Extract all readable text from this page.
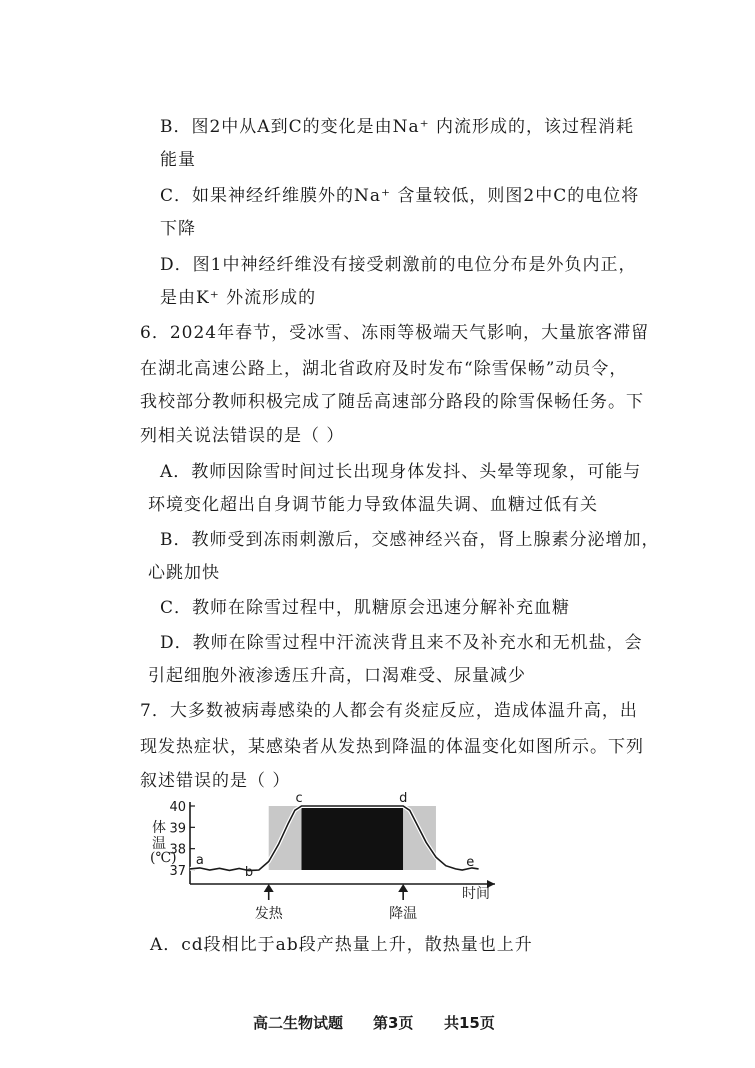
B．图2中从A到C的变化是由Na⁺ 内流形成的，该过程消耗
能量
C．如果神经纤维膜外的Na⁺ 含量较低，则图2中C的电位将
下降
D．图1中神经纤维没有接受刺激前的电位分布是外负内正，
是由K⁺ 外流形成的
6．2024年春节，受冰雪、冻雨等极端天气影响，大量旅客滞留
在湖北高速公路上，湖北省政府及时发布“除雪保畅”动员令，
我校部分教师积极完成了随岳高速部分路段的除雪保畅任务。下
列相关说法错误的是（ ）
A．教师因除雪时间过长出现身体发抖、头晕等现象，可能与
环境变化超出自身调节能力导致体温失调、血糖过低有关
B．教师受到冻雨刺激后，交感神经兴奋，肾上腺素分泌增加，
心跳加快
C．教师在除雪过程中，肌糖原会迅速分解补充血糖
D．教师在除雪过程中汗流浃背且来不及补充水和无机盐，会
引起细胞外液渗透压升高，口渴难受、尿量减少
7．大多数被病毒感染的人都会有炎症反应，造成体温升高，出
现发热症状，某感染者从发热到降温的体温变化如图所示。下列
叙述错误的是（ ）
A．cd段相比于ab段产热量上升，散热量也上升
40
39
38
37
体
温
(℃)
时间
a
b
c	d
e
发热	降温
高二生物试题 第3页 共15页
